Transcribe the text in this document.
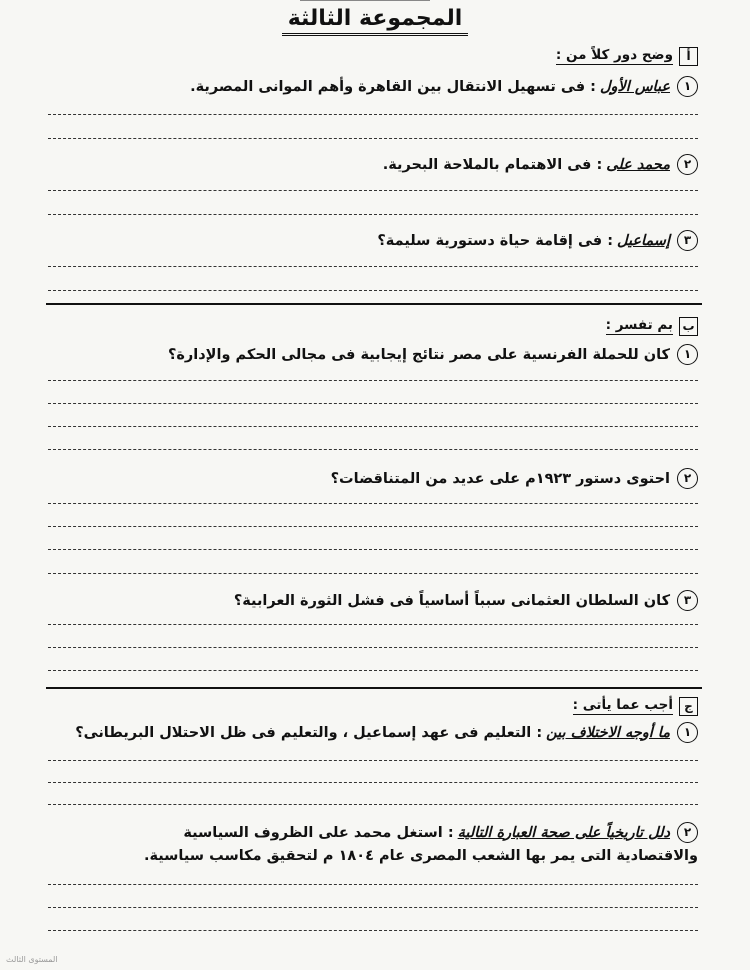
المجموعة الثالثة
أ
وضح دور كلاً من :
١
عباس الأول: فى تسهيل الانتقال بين القاهرة وأهم الموانى المصرية.
٢
محمد على: فى الاهتمام بالملاحة البحرية.
٣
إسماعيل: فى إقامة حياة دستورية سليمة؟
ب
بم تفسر :
١
كان للحملة الفرنسية على مصر نتائج إيجابية فى مجالى الحكم والإدارة؟
٢
احتوى دستور ١٩٢٣م على عديد من المتناقضات؟
٣
كان السلطان العثمانى سبباً أساسياً فى فشل الثورة العرابية؟
ج
أجب عما يأتى :
١
ما أوجه الاختلاف بين: التعليم فى عهد إسماعيل ، والتعليم فى ظل الاحتلال البريطانى؟
٢
دلل تاريخياً على صحة العبارة التالية: استغل محمد على الظروف السياسية
والاقتصادية التى يمر بها الشعب المصرى عام ١٨٠٤ م لتحقيق مكاسب سياسية.
المستوى الثالث
